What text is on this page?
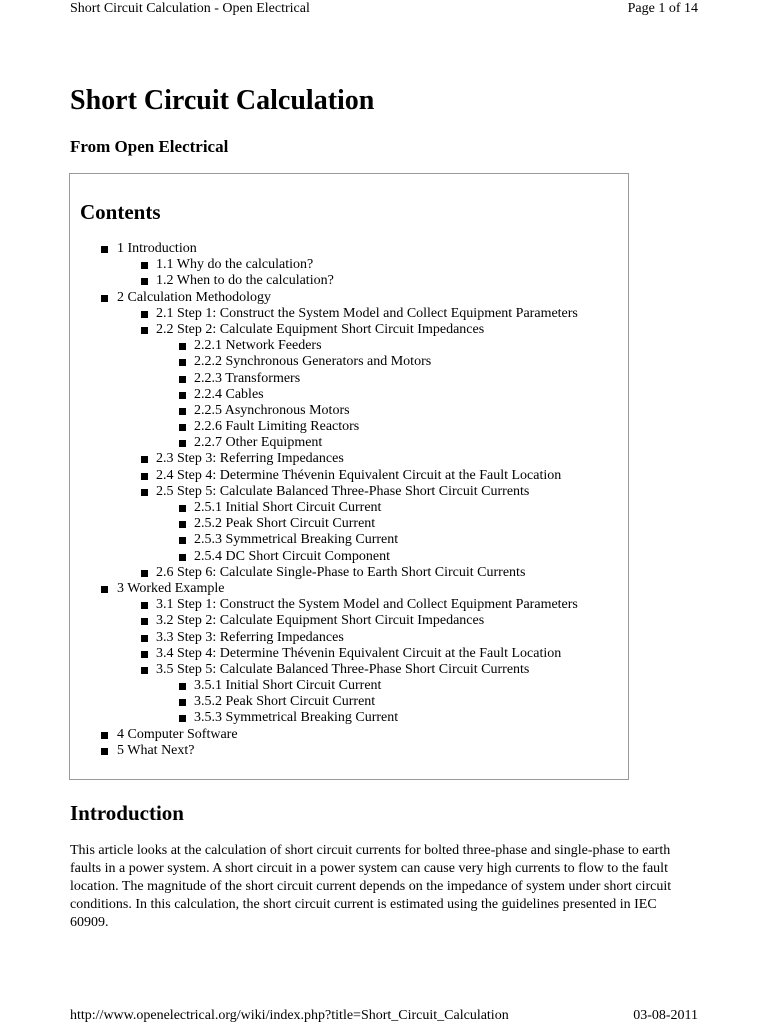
Short Circuit Calculation - Open Electrical	Page 1 of 14
Short Circuit Calculation
From Open Electrical
Contents
1 Introduction
1.1 Why do the calculation?
1.2 When to do the calculation?
2 Calculation Methodology
2.1 Step 1: Construct the System Model and Collect Equipment Parameters
2.2 Step 2: Calculate Equipment Short Circuit Impedances
2.2.1 Network Feeders
2.2.2 Synchronous Generators and Motors
2.2.3 Transformers
2.2.4 Cables
2.2.5 Asynchronous Motors
2.2.6 Fault Limiting Reactors
2.2.7 Other Equipment
2.3 Step 3: Referring Impedances
2.4 Step 4: Determine Thévenin Equivalent Circuit at the Fault Location
2.5 Step 5: Calculate Balanced Three-Phase Short Circuit Currents
2.5.1 Initial Short Circuit Current
2.5.2 Peak Short Circuit Current
2.5.3 Symmetrical Breaking Current
2.5.4 DC Short Circuit Component
2.6 Step 6: Calculate Single-Phase to Earth Short Circuit Currents
3 Worked Example
3.1 Step 1: Construct the System Model and Collect Equipment Parameters
3.2 Step 2: Calculate Equipment Short Circuit Impedances
3.3 Step 3: Referring Impedances
3.4 Step 4: Determine Thévenin Equivalent Circuit at the Fault Location
3.5 Step 5: Calculate Balanced Three-Phase Short Circuit Currents
3.5.1 Initial Short Circuit Current
3.5.2 Peak Short Circuit Current
3.5.3 Symmetrical Breaking Current
4 Computer Software
5 What Next?
Introduction

This article looks at the calculation of short circuit currents for bolted three-phase and single-phase to earth faults in a power system. A short circuit in a power system can cause very high currents to flow to the fault location. The magnitude of the short circuit current depends on the impedance of system under short circuit conditions. In this calculation, the short circuit current is estimated using the guidelines presented in IEC 60909.

http://www.openelectrical.org/wiki/index.php?title=Short_Circuit_Calculation	03-08-2011
